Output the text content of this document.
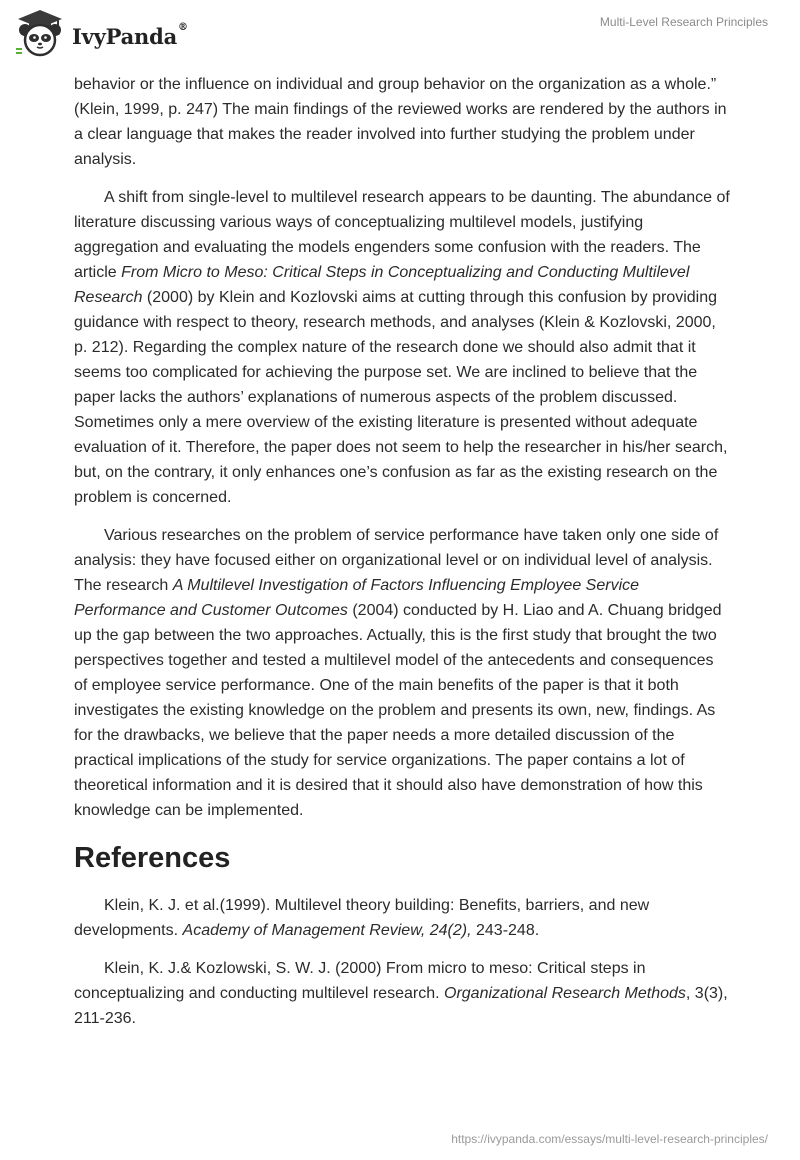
IvyPanda®	Multi-Level Research Principles

behavior or the influence on individual and group behavior on the organization as a whole.” (Klein, 1999, p. 247) The main findings of the reviewed works are rendered by the authors in a clear language that makes the reader involved into further studying the problem under analysis.

A shift from single-level to multilevel research appears to be daunting. The abundance of literature discussing various ways of conceptualizing multilevel models, justifying aggregation and evaluating the models engenders some confusion with the readers. The article From Micro to Meso: Critical Steps in Conceptualizing and Conducting Multilevel Research (2000) by Klein and Kozlovski aims at cutting through this confusion by providing guidance with respect to theory, research methods, and analyses (Klein & Kozlovski, 2000, p. 212). Regarding the complex nature of the research done we should also admit that it seems too complicated for achieving the purpose set. We are inclined to believe that the paper lacks the authors’ explanations of numerous aspects of the problem discussed. Sometimes only a mere overview of the existing literature is presented without adequate evaluation of it. Therefore, the paper does not seem to help the researcher in his/her search, but, on the contrary, it only enhances one’s confusion as far as the existing research on the problem is concerned.

Various researches on the problem of service performance have taken only one side of analysis: they have focused either on organizational level or on individual level of analysis. The research A Multilevel Investigation of Factors Influencing Employee Service Performance and Customer Outcomes (2004) conducted by H. Liao and A. Chuang bridged up the gap between the two approaches. Actually, this is the first study that brought the two perspectives together and tested a multilevel model of the antecedents and consequences of employee service performance. One of the main benefits of the paper is that it both investigates the existing knowledge on the problem and presents its own, new, findings. As for the drawbacks, we believe that the paper needs a more detailed discussion of the practical implications of the study for service organizations. The paper contains a lot of theoretical information and it is desired that it should also have demonstration of how this knowledge can be implemented.

References

Klein, K. J. et al.(1999). Multilevel theory building: Benefits, barriers, and new developments. Academy of Management Review, 24(2), 243-248.

Klein, K. J.& Kozlowski, S. W. J. (2000) From micro to meso: Critical steps in conceptualizing and conducting multilevel research. Organizational Research Methods, 3(3), 211-236.

https://ivypanda.com/essays/multi-level-research-principles/
